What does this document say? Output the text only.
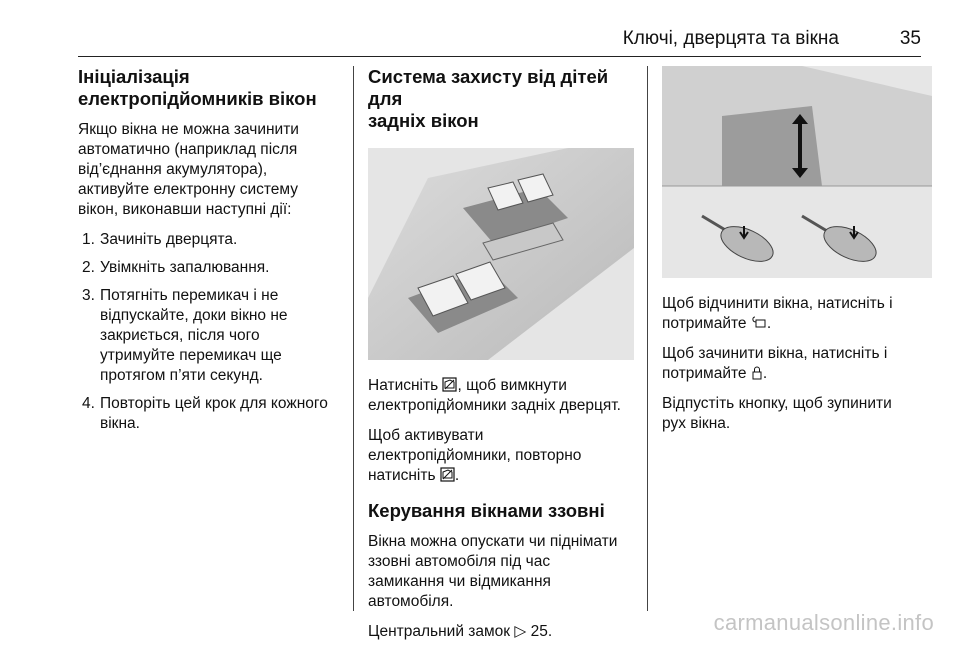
Ключі, дверцята та вікна	35
Ініціалізація
електропідйомників вікон

Якщо вікна не можна зачинити
автоматично (наприклад після
від’єднання акумулятора),
активуйте електронну систему
вікон, виконавши наступні дії:

1. Зачиніть дверцята.
2. Увімкніть запалювання.
3. Потягніть перемикач і не
відпускайте, доки вікно не
закриється, після чого
утримуйте перемикач ще
протягом п’яти секунд.
4. Повторіть цей крок для кожного
вікна.
Система захисту від дітей для
задніх вікон

Натисніть , щоб вимкнути
електропідйомники задніх дверцят.

Щоб активувати
електропідйомники, повторно
натисніть .

Керування вікнами ззовні

Вікна можна опускати чи піднімати
ззовні автомобіля під час
замикання чи відмикання
автомобіля.

Центральний замок ▷ 25.

Щоб відчинити вікна, натисніть і
потримайте .

Щоб зачинити вікна, натисніть і
потримайте .

Відпустіть кнопку, щоб зупинити
рух вікна.

carmanualsonline.info
